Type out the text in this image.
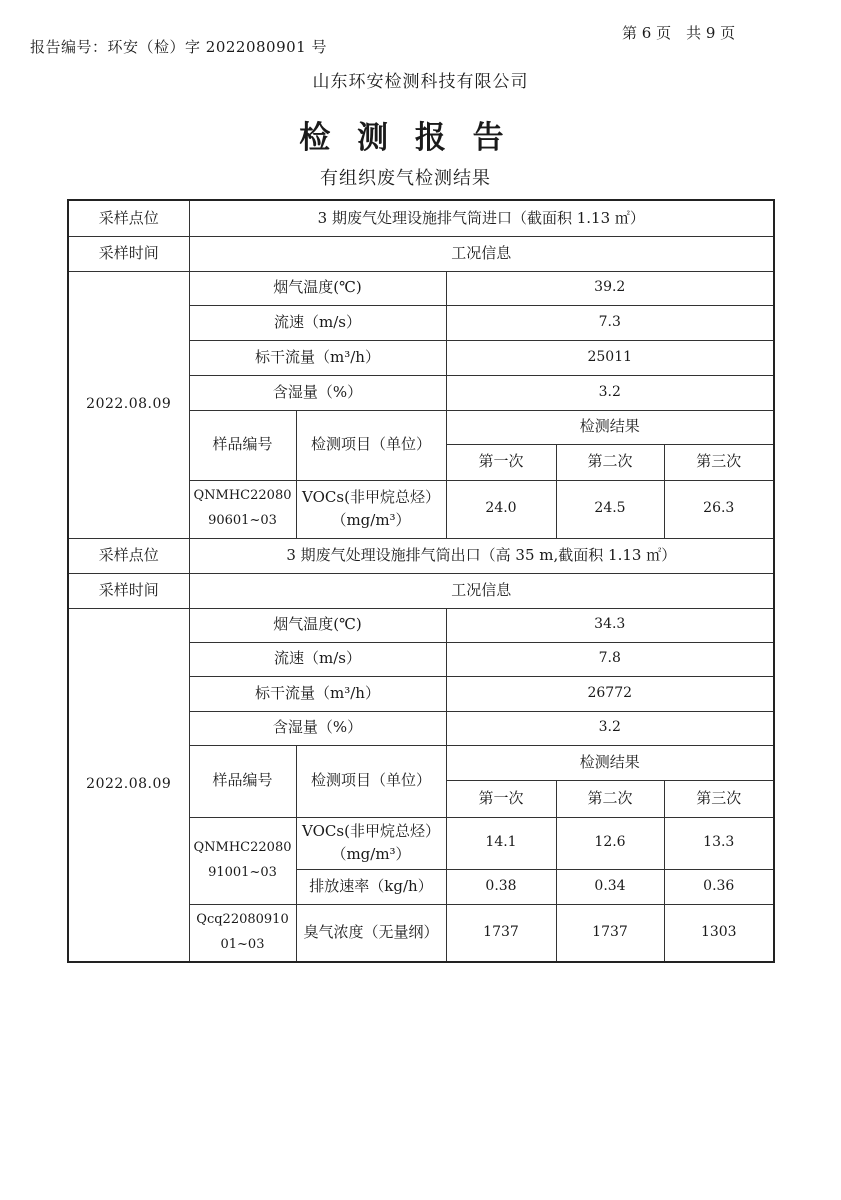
报告编号：环安（检）字 2022080901 号
第 6 页　共 9 页
山东环安检测科技有限公司
检 测 报 告
有组织废气检测结果
采样点位	3 期废气处理设施排气筒进口（截面积 1.13 ㎡）				
采样时间	工况信息				
2022.08.09	烟气温度(℃)		39.2		
	流速（m/s）		7.3		
	标干流量（m³/h）		25011		
	含湿量（%）		3.2		
	样品编号	检测项目（单位）	检测结果		
			第一次	第二次	第三次
	QNMHC2208090601~03	VOCs(非甲烷总烃）（mg/m³）	24.0	24.5	26.3
采样点位	3 期废气处理设施排气筒出口（高 35 m,截面积 1.13 ㎡）				
采样时间	工况信息				
2022.08.09	烟气温度(℃)		34.3		
	流速（m/s）		7.8		
	标干流量（m³/h）		26772		
	含湿量（%）		3.2		
	样品编号	检测项目（单位）	检测结果		
			第一次	第二次	第三次
	QNMHC2208091001~03	VOCs(非甲烷总烃）（mg/m³）	14.1	12.6	13.3
		排放速率（kg/h）	0.38	0.34	0.36
	Qcq2208091001~03	臭气浓度（无量纲）	1737	1737	1303
